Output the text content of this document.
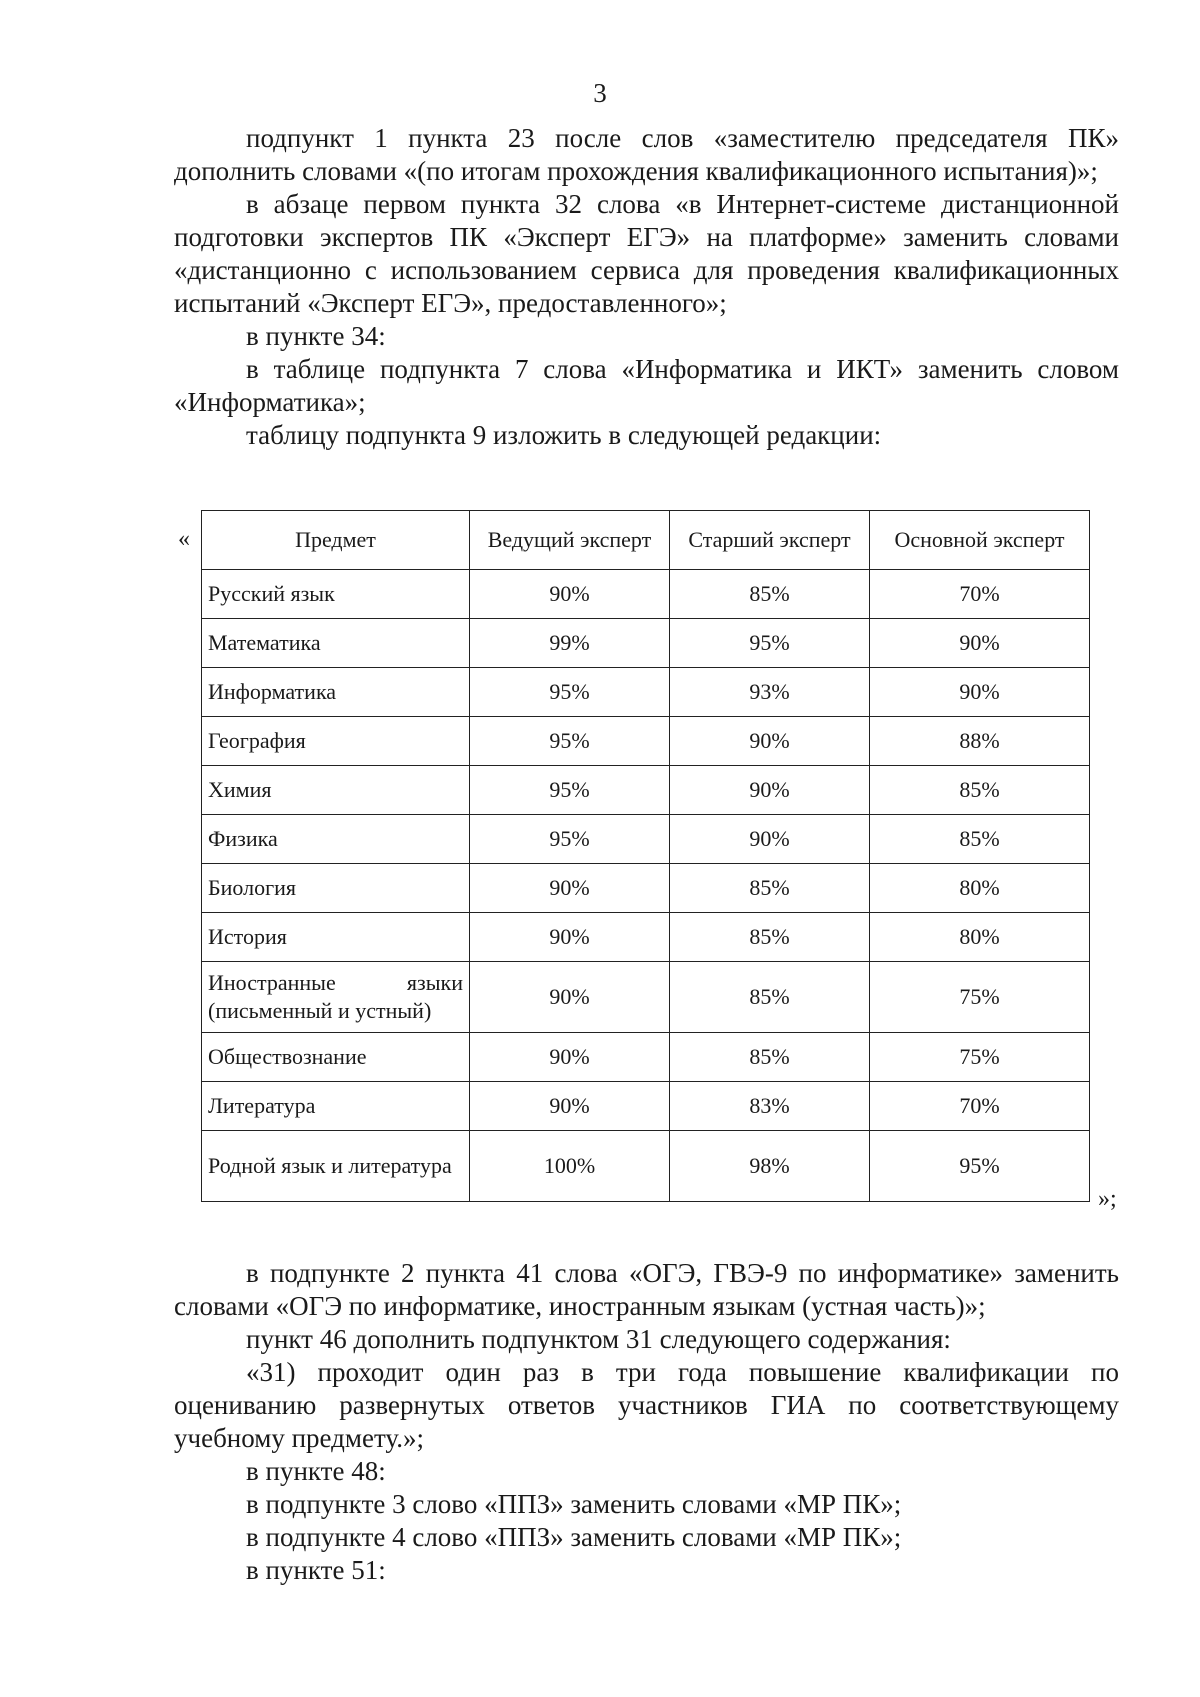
3

подпункт 1 пункта 23 после слов «заместителю председателя ПК» дополнить словами «(по итогам прохождения квалификационного испытания)»;

в абзаце первом пункта 32 слова «в Интернет-системе дистанционной подготовки экспертов ПК «Эксперт ЕГЭ» на платформе» заменить словами «дистанционно с использованием сервиса для проведения квалификационных испытаний «Эксперт ЕГЭ», предоставленного»;

в пункте 34:

в таблице подпункта 7 слова «Информатика и ИКТ» заменить словом «Информатика»;

таблицу подпункта 9 изложить в следующей редакции:

«	Предмет	Ведущий эксперт	Старший эксперт	Основной эксперт
Русский язык	90%	85%	70%
Математика	99%	95%	90%
Информатика	95%	93%	90%
География	95%	90%	88%
Химия	95%	90%	85%
Физика	95%	90%	85%
Биология	90%	85%	80%
История	90%	85%	80%
Иностранные языки (письменный и устный)	90%	85%	75%
Обществознание	90%	85%	75%
Литература	90%	83%	70%
Родной язык и литература	100%	98%	95%
»;

в подпункте 2 пункта 41 слова «ОГЭ, ГВЭ-9 по информатике» заменить словами «ОГЭ по информатике, иностранным языкам (устная часть)»;

пункт 46 дополнить подпунктом 31 следующего содержания:

«31) проходит один раз в три года повышение квалификации по оцениванию развернутых ответов участников ГИА по соответствующему учебному предмету.»;

в пункте 48:

в подпункте 3 слово «ППЗ» заменить словами «МР ПК»;

в подпункте 4 слово «ППЗ» заменить словами «МР ПК»;

в пункте 51:
